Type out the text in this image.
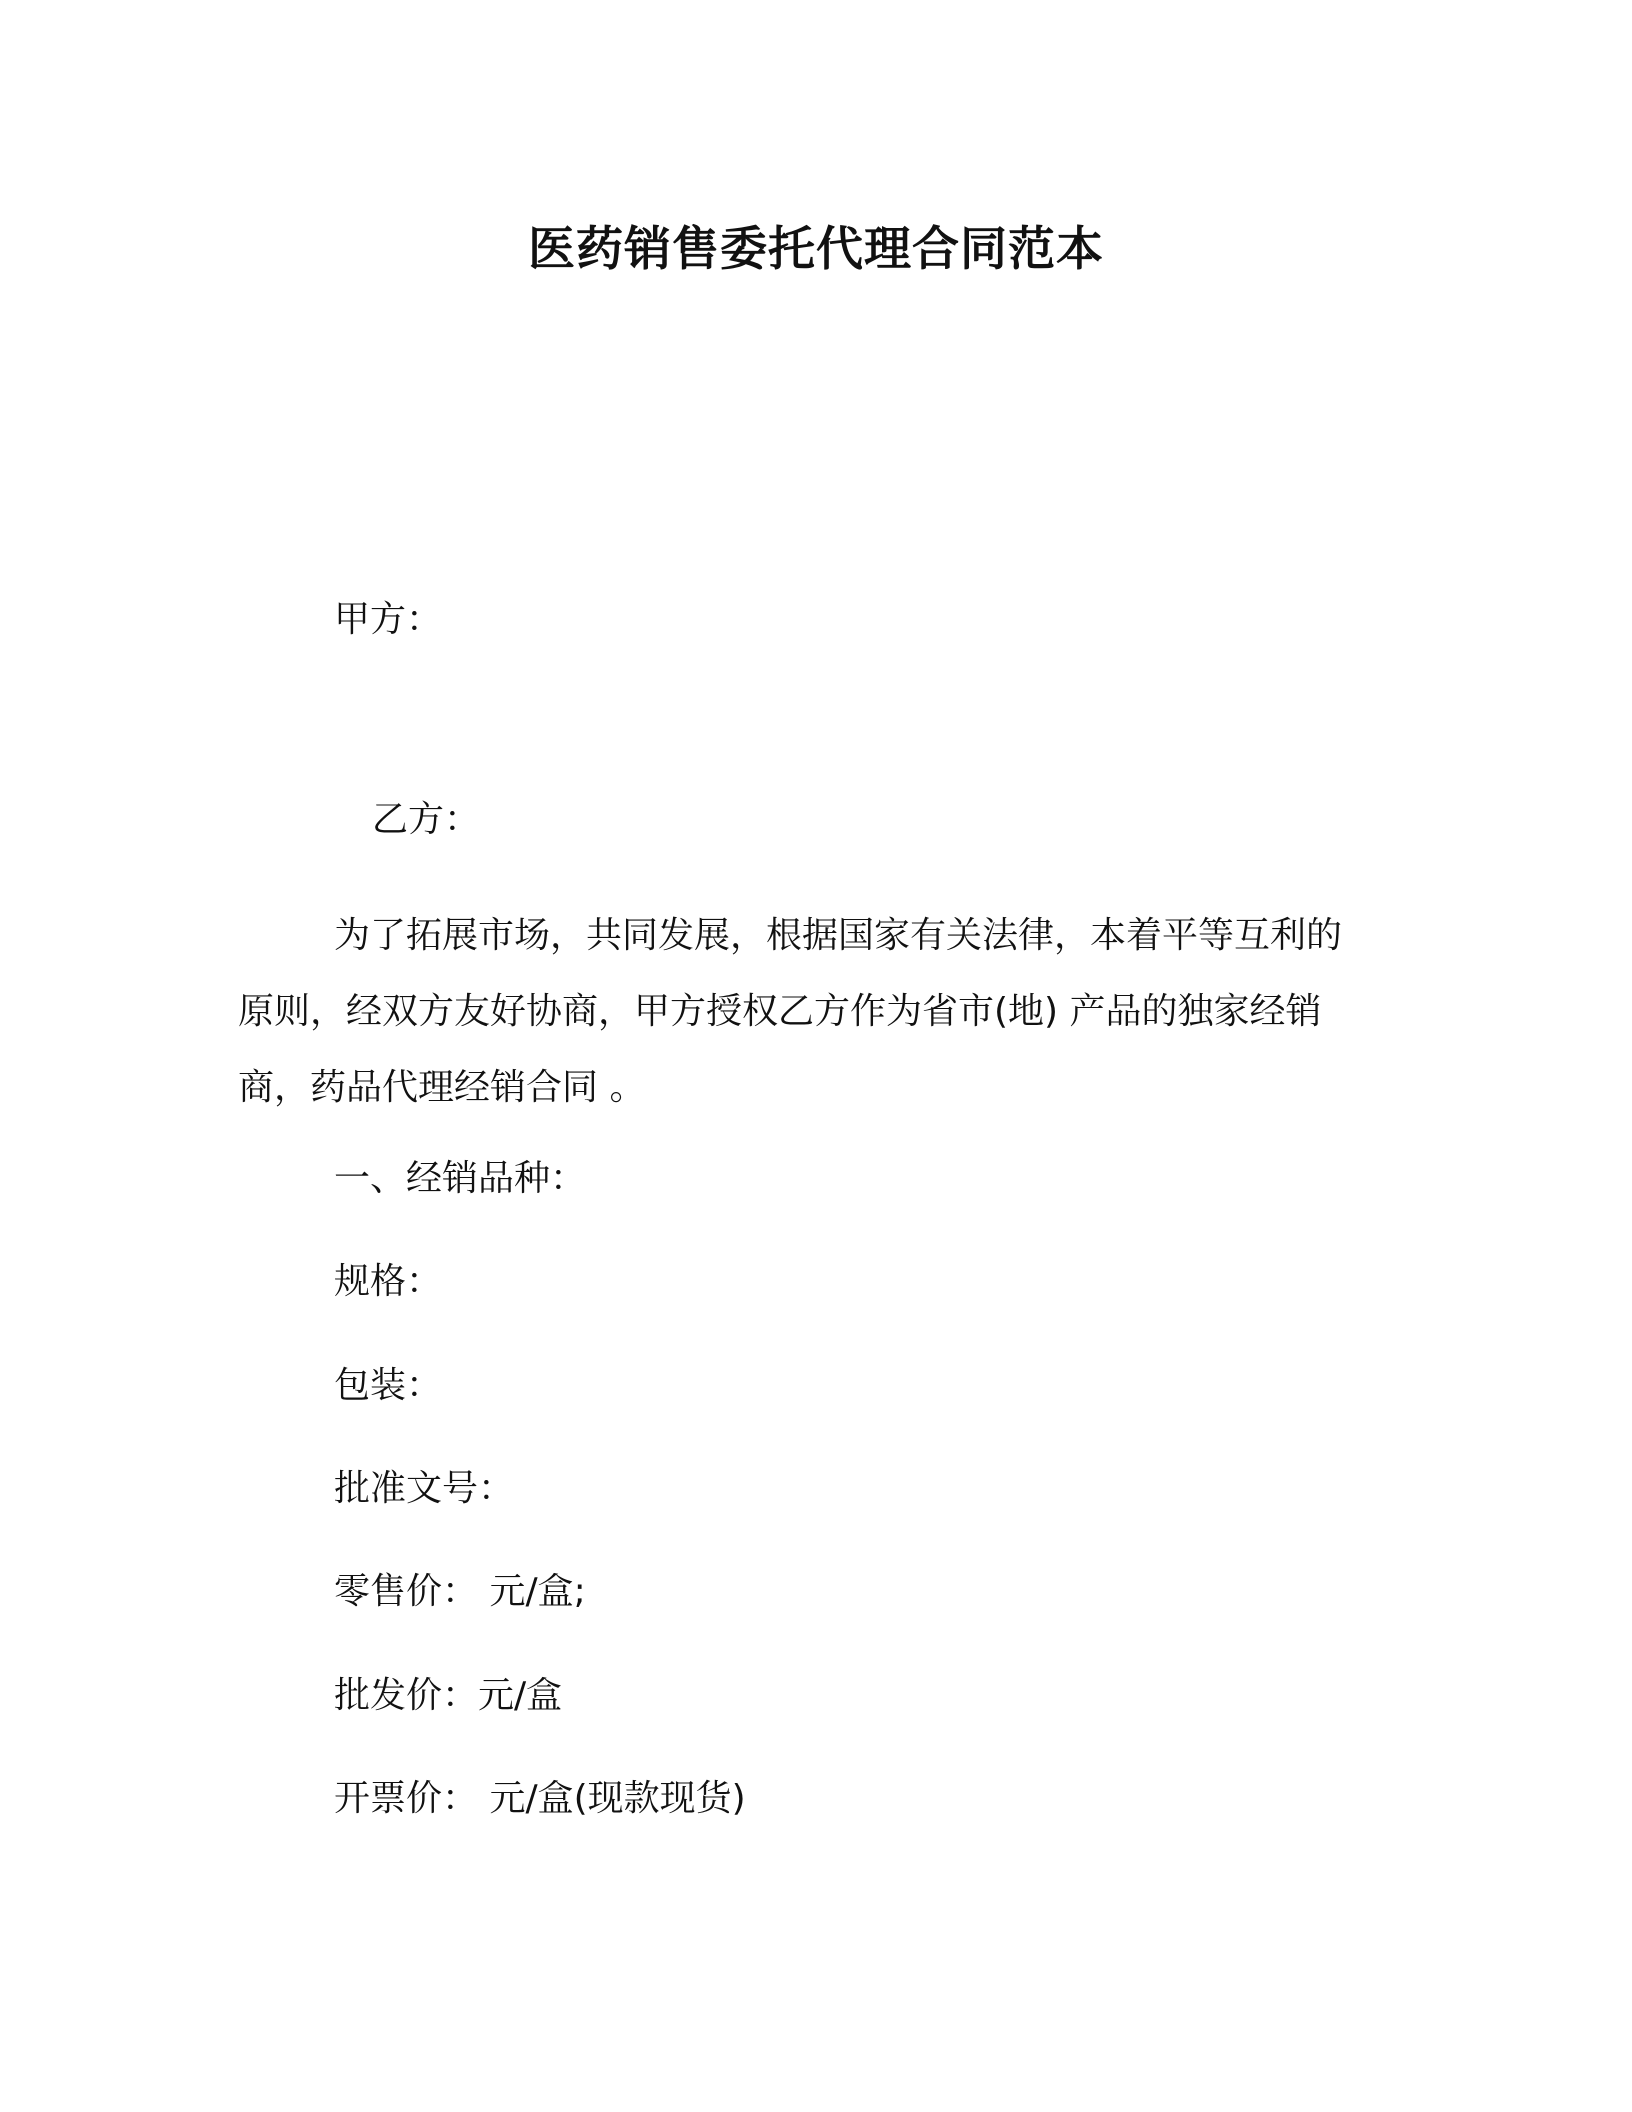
医药销售委托代理合同范本
甲方：
乙方：
为了拓展市场，共同发展，根据国家有关法律，本着平等互利的
原则，经双方友好协商，甲方授权乙方作为省市(地) 产品的独家经销
商，药品代理经销合同 。
一、经销品种：
规格：
包装：
批准文号：
零售价： 元/盒;
批发价：元/盒
开票价： 元/盒(现款现货)
